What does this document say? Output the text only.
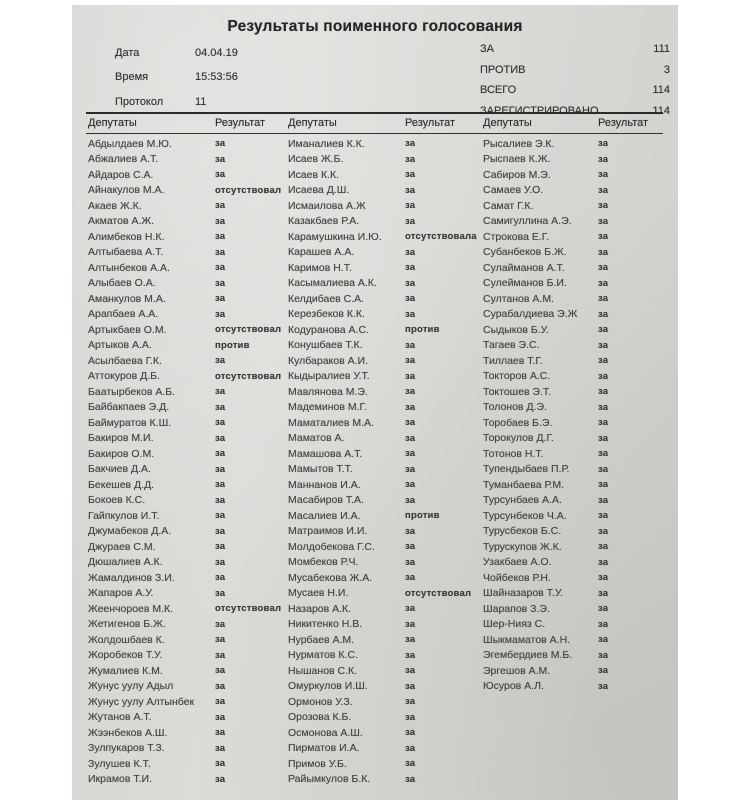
Результаты поименного голосования
Дата	04.04.19
Время	15:53:56
Протокол	11
ЗА	111
ПРОТИВ	3
ВСЕГО	114
ЗАРЕГИСТРИРОВАНО	114
Депутаты	Результат Депутаты	Результат	Депутаты	Результат
Абдылдаев М.Ю.	за
Абжалиев А.Т.	за
Айдаров С.А.	за
Айнакулов М.А.	отсутствовал
Акаев Ж.К.	за
Акматов А.Ж.	за
Алимбеков Н.К.	за
Алтыбаева А.Т.	за
Алтынбеков А.А.	за
Алыбаев О.А.	за
Аманкулов М.А.	за
Арапбаев А.А.	за
Артыкбаев О.М.	отсутствовал
Артыков А.А.	против
Асылбаева Г.К.	за
Аттокуров Д.Б.	отсутствовал
Баатырбеков А.Б.	за
Байбакпаев Э.Д.	за
Баймуратов К.Ш.	за
Бакиров М.И.	за
Бакиров О.М.	за
Бакчиев Д.А.	за
Бекешев Д.Д.	за
Бокоев К.С.	за
Гайпкулов И.Т.	за
Джумабеков Д.А.	за
Джураев С.М.	за
Дюшалиев А.К.	за
Жамалдинов З.И.	за
Жапаров А.У.	за
Жеенчороев М.К.	отсутствовал
Жетигенов Б.Ж.	за
Жолдошбаев К.	за
Жоробеков Т.У.	за
Жумалиев К.М.	за
Жунус уулу Адыл	за
Жунус уулу Алтынбек	за
Жутанов А.Т.	за
Жээнбеков А.Ш.	за
Зулпукаров Т.З.	за
Зулушев К.Т.	за
Икрамов Т.И.	за
Иманалиев К.К.	за
Исаев Ж.Б.	за
Исаев К.К.	за
Исаева Д.Ш.	за
Исмаилова А.Ж	за
Казакбаев Р.А.	за
Карамушкина И.Ю.	отсутствовала
Карашев А.А.	за
Каримов Н.Т.	за
Касымалиева А.К.	за
Келдибаев С.А.	за
Керезбеков К.К.	за
Кодуранова А.С.	против
Конушбаев Т.К.	за
Кулбараков А.И.	за
Кыдыралиев У.Т.	за
Мавлянова М.Э.	за
Мадеминов М.Г.	за
Маматалиев М.А.	за
Маматов А.	за
Мамашова А.Т.	за
Мамытов Т.Т.	за
Маннанов И.А.	за
Масабиров Т.А.	за
Масалиев И.А.	против
Матраимов И.И.	за
Молдобекова Г.С.	за
Момбеков Р.Ч.	за
Мусабекова Ж.А.	за
Мусаев Н.И.	отсутствовал
Назаров А.К.	за
Никитенко Н.В.	за
Нурбаев А.М.	за
Нурматов К.С.	за
Нышанов С.К.	за
Омуркулов И.Ш.	за
Ормонов У.З.	за
Орозова К.Б.	за
Осмонова А.Ш.	за
Пирматов И.А.	за
Примов У.Б.	за
Райымкулов Б.К.	за
Рысалиев Э.К.	за
Рыспаев К.Ж.	за
Сабиров М.Э.	за
Самаев У.О.	за
Самат Г.К.	за
Самигуллина А.Э.	за
Строкова Е.Г.	за
Субанбеков Б.Ж.	за
Сулайманов А.Т.	за
Сулейманов Б.И.	за
Султанов А.М.	за
Сурабалдиева Э.Ж	за
Сыдыков Б.У.	за
Тагаев Э.С.	за
Тиллаев Т.Г.	за
Токторов А.С.	за
Токтошев Э.Т.	за
Толонов Д.Э.	за
Торобаев Б.Э.	за
Торокулов Д.Г.	за
Тотонов Н.Т.	за
Тупендыбаев П.Р.	за
Туманбаева Р.М.	за
Турсунбаев А.А.	за
Турсунбеков Ч.А.	за
Турусбеков Б.С.	за
Турускупов Ж.К.	за
Узакбаев А.О.	за
Чойбеков Р.Н.	за
Шайназаров Т.У.	за
Шарапов З.Э.	за
Шер-Нияз С.	за
Шыкмаматов А.Н.	за
Эгембердиев М.Б.	за
Эргешов А.М.	за
Юсуров А.Л.	за
